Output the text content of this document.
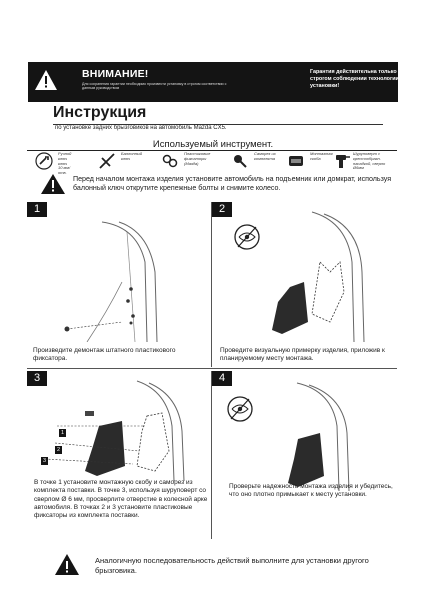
ВНИМАНИЕ!
Для сохранения гарантии необходимо произвести установку в строгом соответствии с данным руководством
Гарантия действительна только при строгом соблюдении технологии установки!
Инструкция
по установке задних брызговиков на автомобиль Mazda CX5.
Используемый инструмент.
Ручной ключ ключ 10 мм/отв.
Баллонный ключ
Пластиковые фиксаторы (Мазда)
Саморез из комплекта
Монтажная скоба
Шуруповерт с крестообразн. насадкой, сверло Ø6мм
Перед началом монтажа изделия установите автомобиль на подъемник или домкрат, используя балонный ключ открутите крепежные болты и снимите колесо.
1
Произведите демонтаж штатного пластикового фиксатора.
2
Проведите визуальную примерку изделия, приложив к планируемому месту монтажа.
3
1
2
3
В точке 1 установите монтажную скобу и саморез из комплекта поставки. В точке 3, используя шуруповерт со сверлом Ø 6 мм, просверлите отверстие в колесной арке автомобиля. В точках 2 и 3 установите пластиковые фиксаторы из комплекта поставки.
4
Проверьте надежность монтажа изделия и убедитесь, что оно плотно примыкает к месту установки.
Аналогичную последовательность действий выполните для установки другого брызговика.
